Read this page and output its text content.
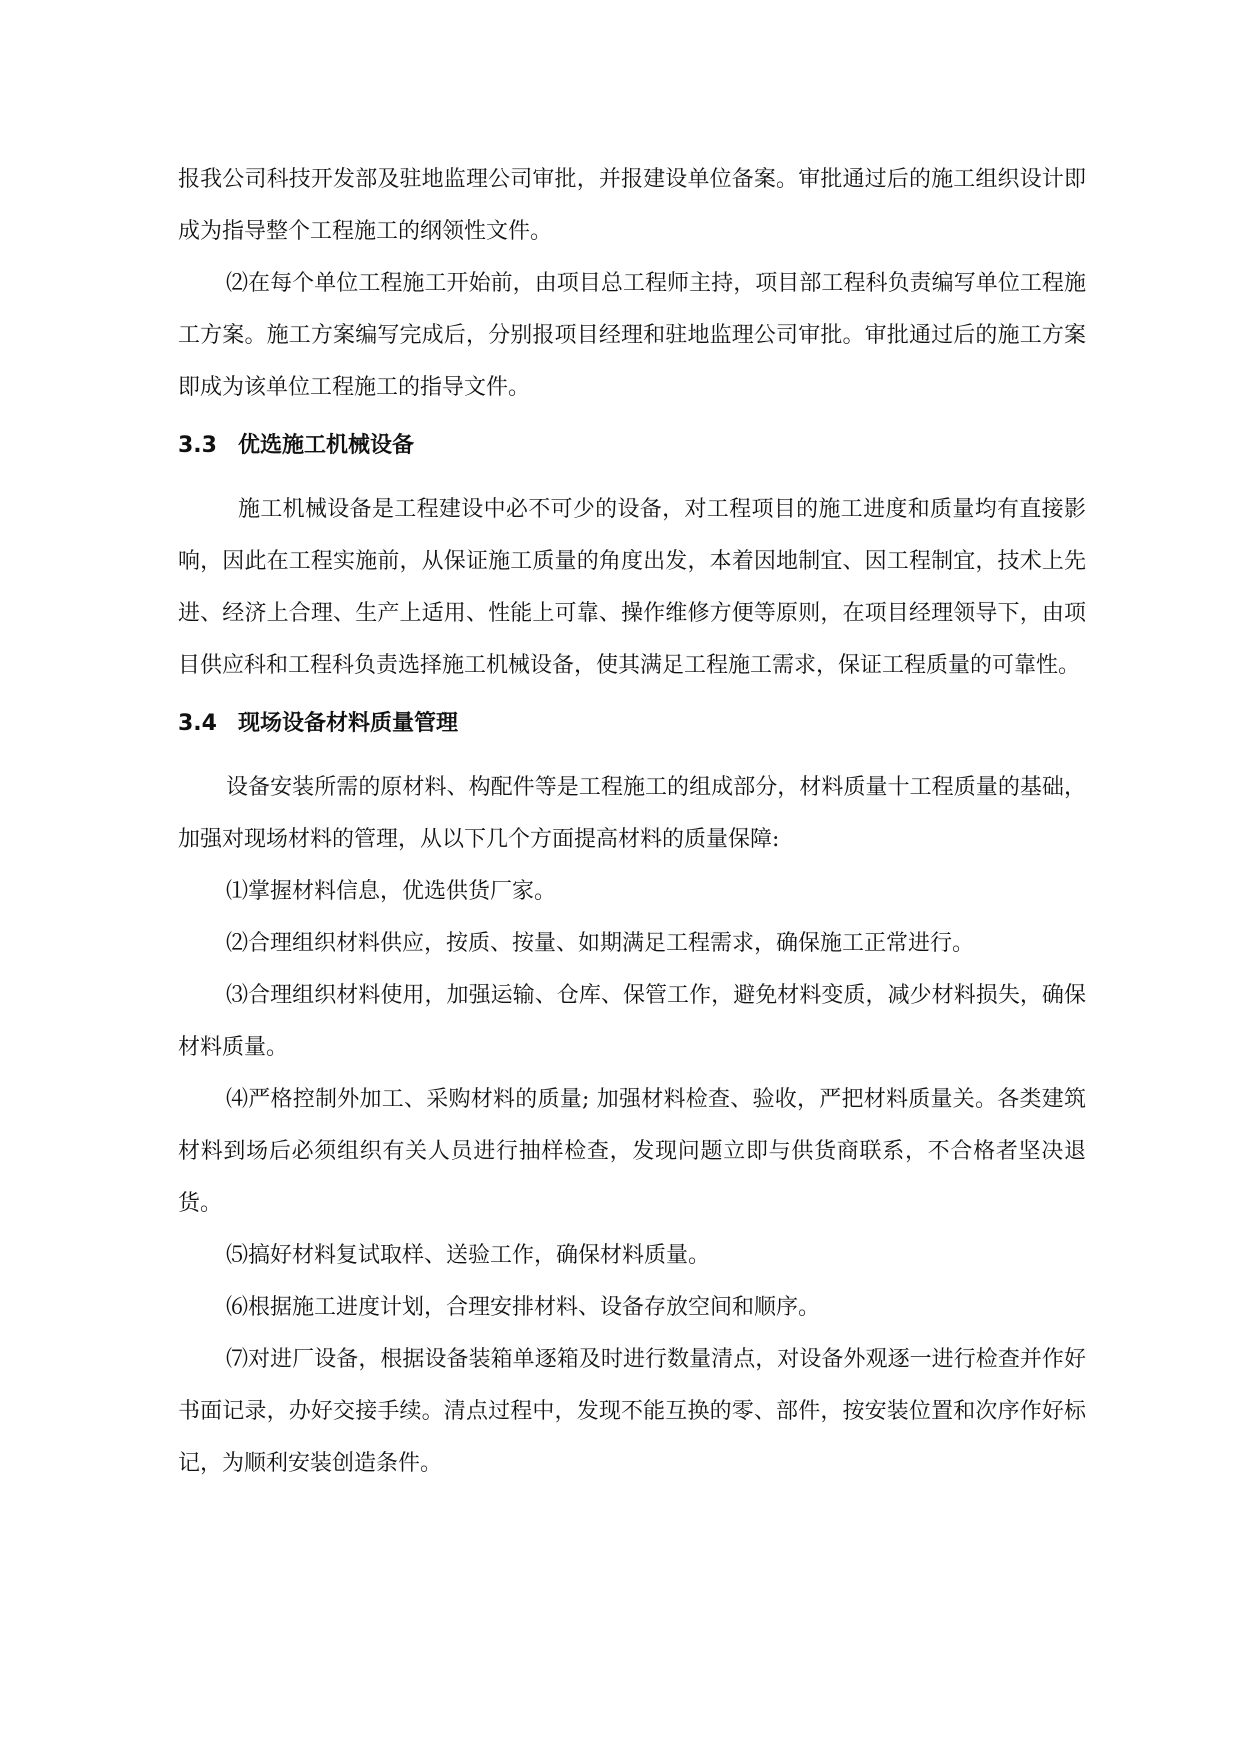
报我公司科技开发部及驻地监理公司审批，并报建设单位备案。审批通过后的施工组织设计即成为指导整个工程施工的纲领性文件。

⑵在每个单位工程施工开始前，由项目总工程师主持，项目部工程科负责编写单位工程施工方案。施工方案编写完成后，分别报项目经理和驻地监理公司审批。审批通过后的施工方案即成为该单位工程施工的指导文件。

3.3 优选施工机械设备

施工机械设备是工程建设中必不可少的设备，对工程项目的施工进度和质量均有直接影响，因此在工程实施前，从保证施工质量的角度出发，本着因地制宜、因工程制宜，技术上先进、经济上合理、生产上适用、性能上可靠、操作维修方便等原则，在项目经理领导下，由项目供应科和工程科负责选择施工机械设备，使其满足工程施工需求，保证工程质量的可靠性。

3.4 现场设备材料质量管理

设备安装所需的原材料、构配件等是工程施工的组成部分，材料质量十工程质量的基础，加强对现场材料的管理，从以下几个方面提高材料的质量保障:

⑴掌握材料信息，优选供货厂家。

⑵合理组织材料供应，按质、按量、如期满足工程需求，确保施工正常进行。

⑶合理组织材料使用，加强运输、仓库、保管工作，避免材料变质，减少材料损失，确保材料质量。

⑷严格控制外加工、采购材料的质量; 加强材料检查、验收，严把材料质量关。各类建筑材料到场后必须组织有关人员进行抽样检查，发现问题立即与供货商联系，不合格者坚决退货。

⑸搞好材料复试取样、送验工作，确保材料质量。

⑹根据施工进度计划，合理安排材料、设备存放空间和顺序。

⑺对进厂设备，根据设备装箱单逐箱及时进行数量清点，对设备外观逐一进行检查并作好书面记录，办好交接手续。清点过程中，发现不能互换的零、部件，按安装位置和次序作好标记，为顺利安装创造条件。
